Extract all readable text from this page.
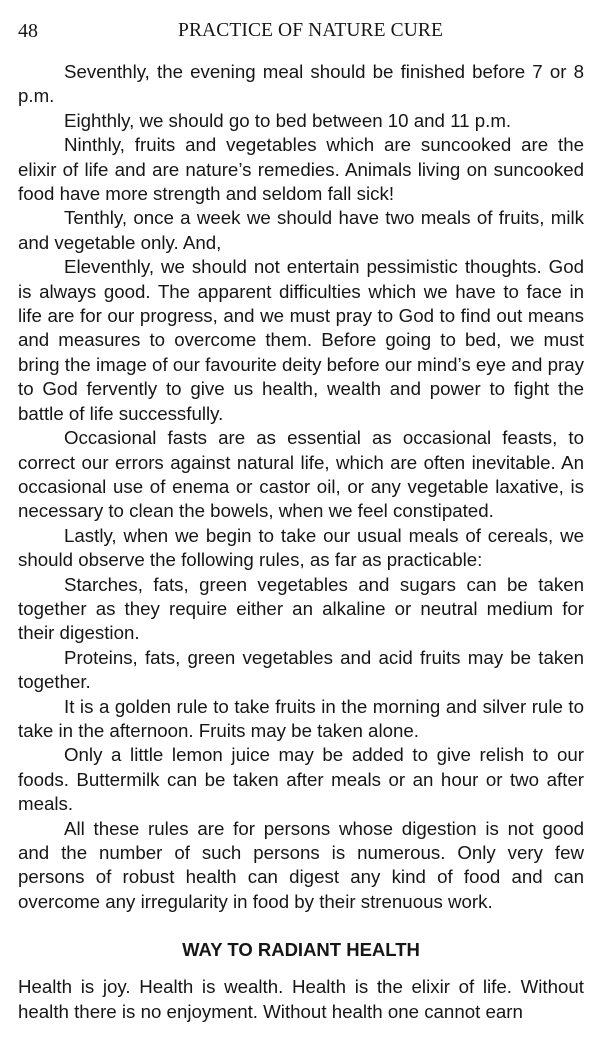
48	PRACTICE OF NATURE CURE

Seventhly, the evening meal should be finished before 7 or 8 p.m.

Eighthly, we should go to bed between 10 and 11 p.m.

Ninthly, fruits and vegetables which are suncooked are the elixir of life and are nature’s remedies. Animals living on suncooked food have more strength and seldom fall sick!

Tenthly, once a week we should have two meals of fruits, milk and vegetable only. And,

Eleventhly, we should not entertain pessimistic thoughts. God is always good. The apparent difficulties which we have to face in life are for our progress, and we must pray to God to find out means and measures to overcome them. Before going to bed, we must bring the image of our favourite deity before our mind’s eye and pray to God fervently to give us health, wealth and power to fight the battle of life successfully.

Occasional fasts are as essential as occasional feasts, to correct our errors against natural life, which are often inevitable. An occasional use of enema or castor oil, or any vegetable laxative, is necessary to clean the bowels, when we feel constipated.

Lastly, when we begin to take our usual meals of cereals, we should observe the following rules, as far as practicable:

Starches, fats, green vegetables and sugars can be taken together as they require either an alkaline or neutral medium for their digestion.

Proteins, fats, green vegetables and acid fruits may be taken together.

It is a golden rule to take fruits in the morning and silver rule to take in the afternoon. Fruits may be taken alone.

Only a little lemon juice may be added to give relish to our foods. Buttermilk can be taken after meals or an hour or two after meals.

All these rules are for persons whose digestion is not good and the number of such persons is numerous. Only very few persons of robust health can digest any kind of food and can overcome any irregularity in food by their strenuous work.

WAY TO RADIANT HEALTH

Health is joy. Health is wealth. Health is the elixir of life. Without health there is no enjoyment. Without health one cannot earn
